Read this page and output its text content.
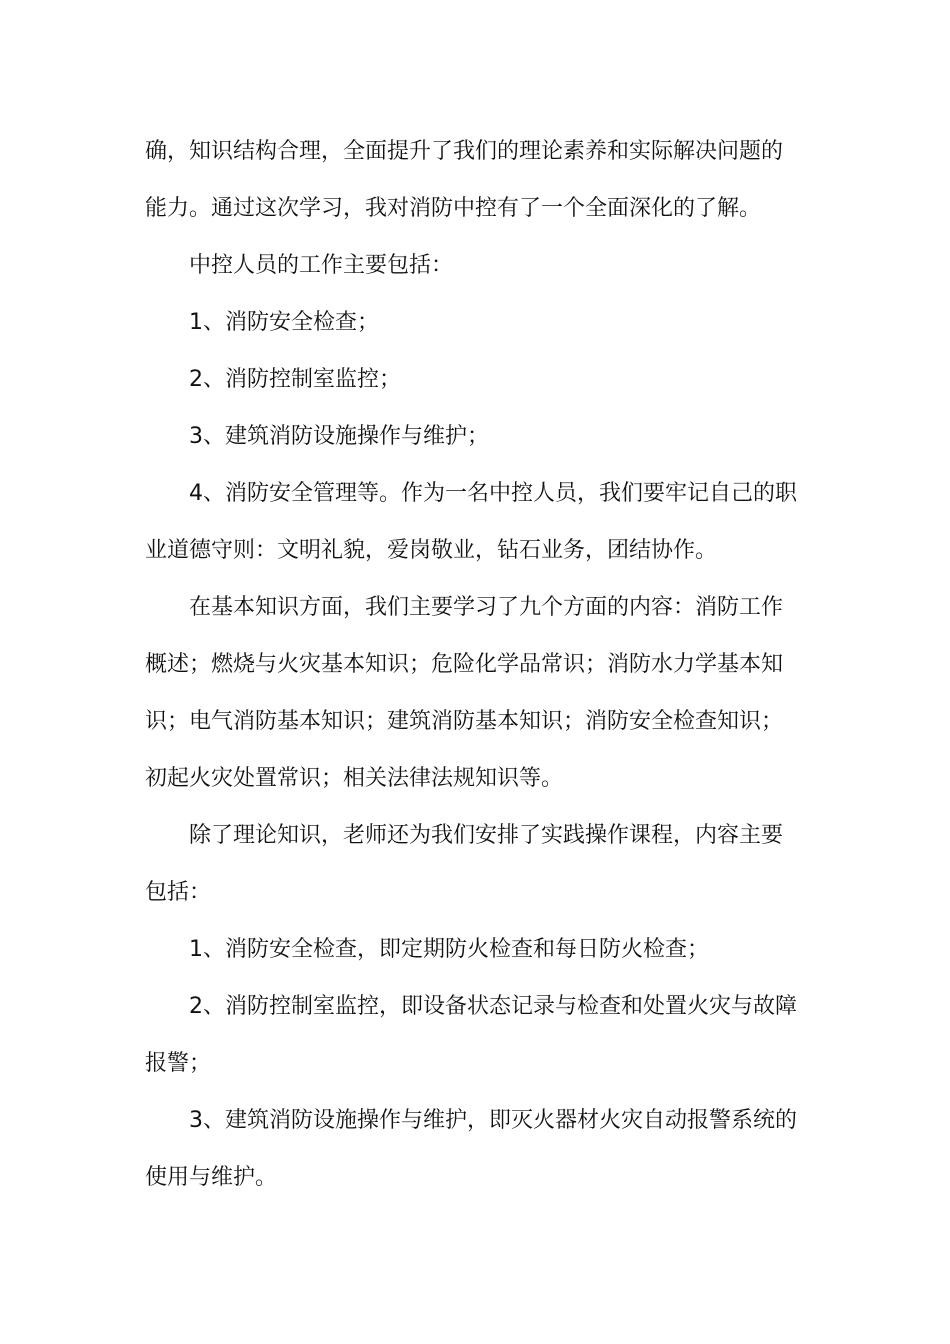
确，知识结构合理，全面提升了我们的理论素养和实际解决问题的
能力。通过这次学习，我对消防中控有了一个全面深化的了解。
中控人员的工作主要包括：
1、消防安全检查；
2、消防控制室监控；
3、建筑消防设施操作与维护；
4、消防安全管理等。作为一名中控人员，我们要牢记自己的职
业道德守则：文明礼貌，爱岗敬业，钻石业务，团结协作。
在基本知识方面，我们主要学习了九个方面的内容：消防工作
概述；燃烧与火灾基本知识；危险化学品常识；消防水力学基本知
识；电气消防基本知识；建筑消防基本知识；消防安全检查知识；
初起火灾处置常识；相关法律法规知识等。
除了理论知识，老师还为我们安排了实践操作课程，内容主要
包括：
1、消防安全检查，即定期防火检查和每日防火检查；
2、消防控制室监控，即设备状态记录与检查和处置火灾与故障
报警；
3、建筑消防设施操作与维护，即灭火器材火灾自动报警系统的
使用与维护。
